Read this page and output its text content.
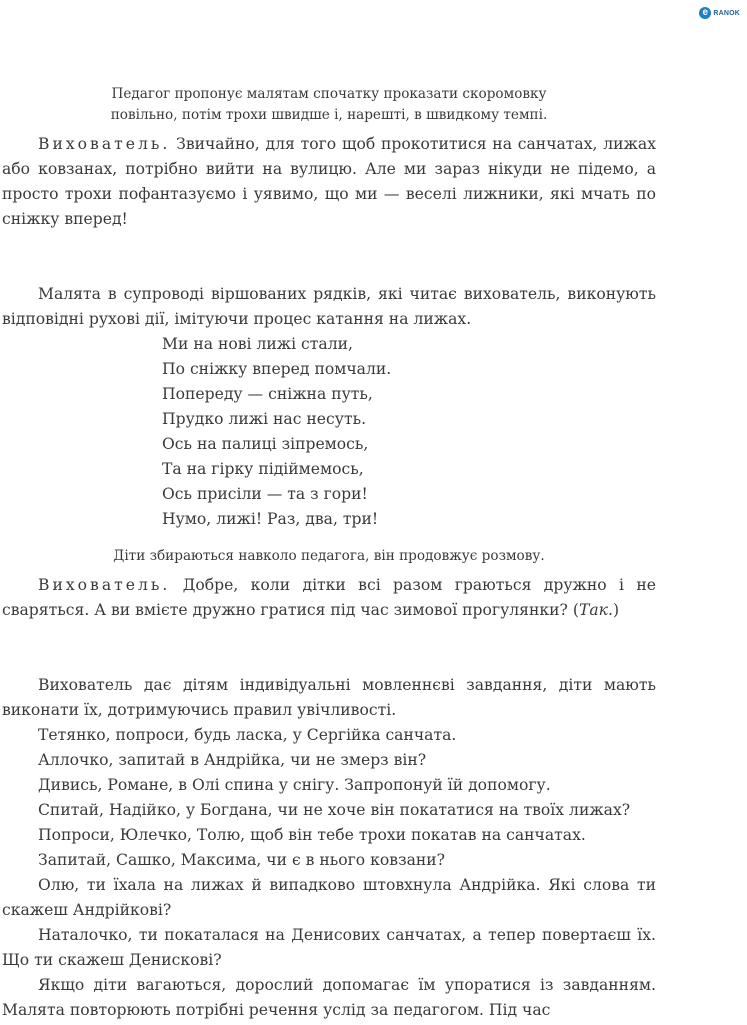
e RANOK
Педагог пропонує малятам спочатку проказати скоромовку
повільно, потім трохи швидше і, нарешті, в швидкому темпі.

Вихователь. Звичайно, для того щоб прокотитися на санчатах, лижах або ковзанах, потрібно вийти на вулицю. Але ми зараз нікуди не підемо, а просто трохи пофантазуємо і уявимо, що ми — веселі лижники, які мчать по сніжку вперед!

Малята в супроводі віршованих рядків, які читає вихователь, виконують відповідні рухові дії, імітуючи процес катання на лижах.

Ми на нові лижі стали,
По сніжку вперед помчали.
Попереду — сніжна путь,
Прудко лижі нас несуть.
Ось на палиці зіпремось,
Та на гірку підіймемось,
Ось присіли — та з гори!
Нумо, лижі! Раз, два, три!
Діти збираються навколо педагога, він продовжує розмову.

Вихователь. Добре, коли дітки всі разом граються дружно і не сваряться. А ви вмієте дружно гратися під час зимової прогулянки? (Так.)

Вихователь дає дітям індивідуальні мовленнєві завдання, діти мають виконати їх, дотримуючись правил увічливості.

Тетянко, попроси, будь ласка, у Сергійка санчата.

Аллочко, запитай в Андрійка, чи не змерз він?

Дивись, Романе, в Олі спина у снігу. Запропонуй їй допомогу.

Спитай, Надійко, у Богдана, чи не хоче він покататися на твоїх лижах?

Попроси, Юлечко, Толю, щоб він тебе трохи покатав на санчатах.

Запитай, Сашко, Максима, чи є в нього ковзани?

Олю, ти їхала на лижах й випадково штовхнула Андрійка. Які слова ти скажеш Андрійкові?

Наталочко, ти покаталася на Денисових санчатах, а тепер повертаєш їх. Що ти скажеш Денискові?

Якщо діти вагаються, дорослий допомагає їм упоратися із завданням. Малята повторюють потрібні речення услід за педагогом. Під час
